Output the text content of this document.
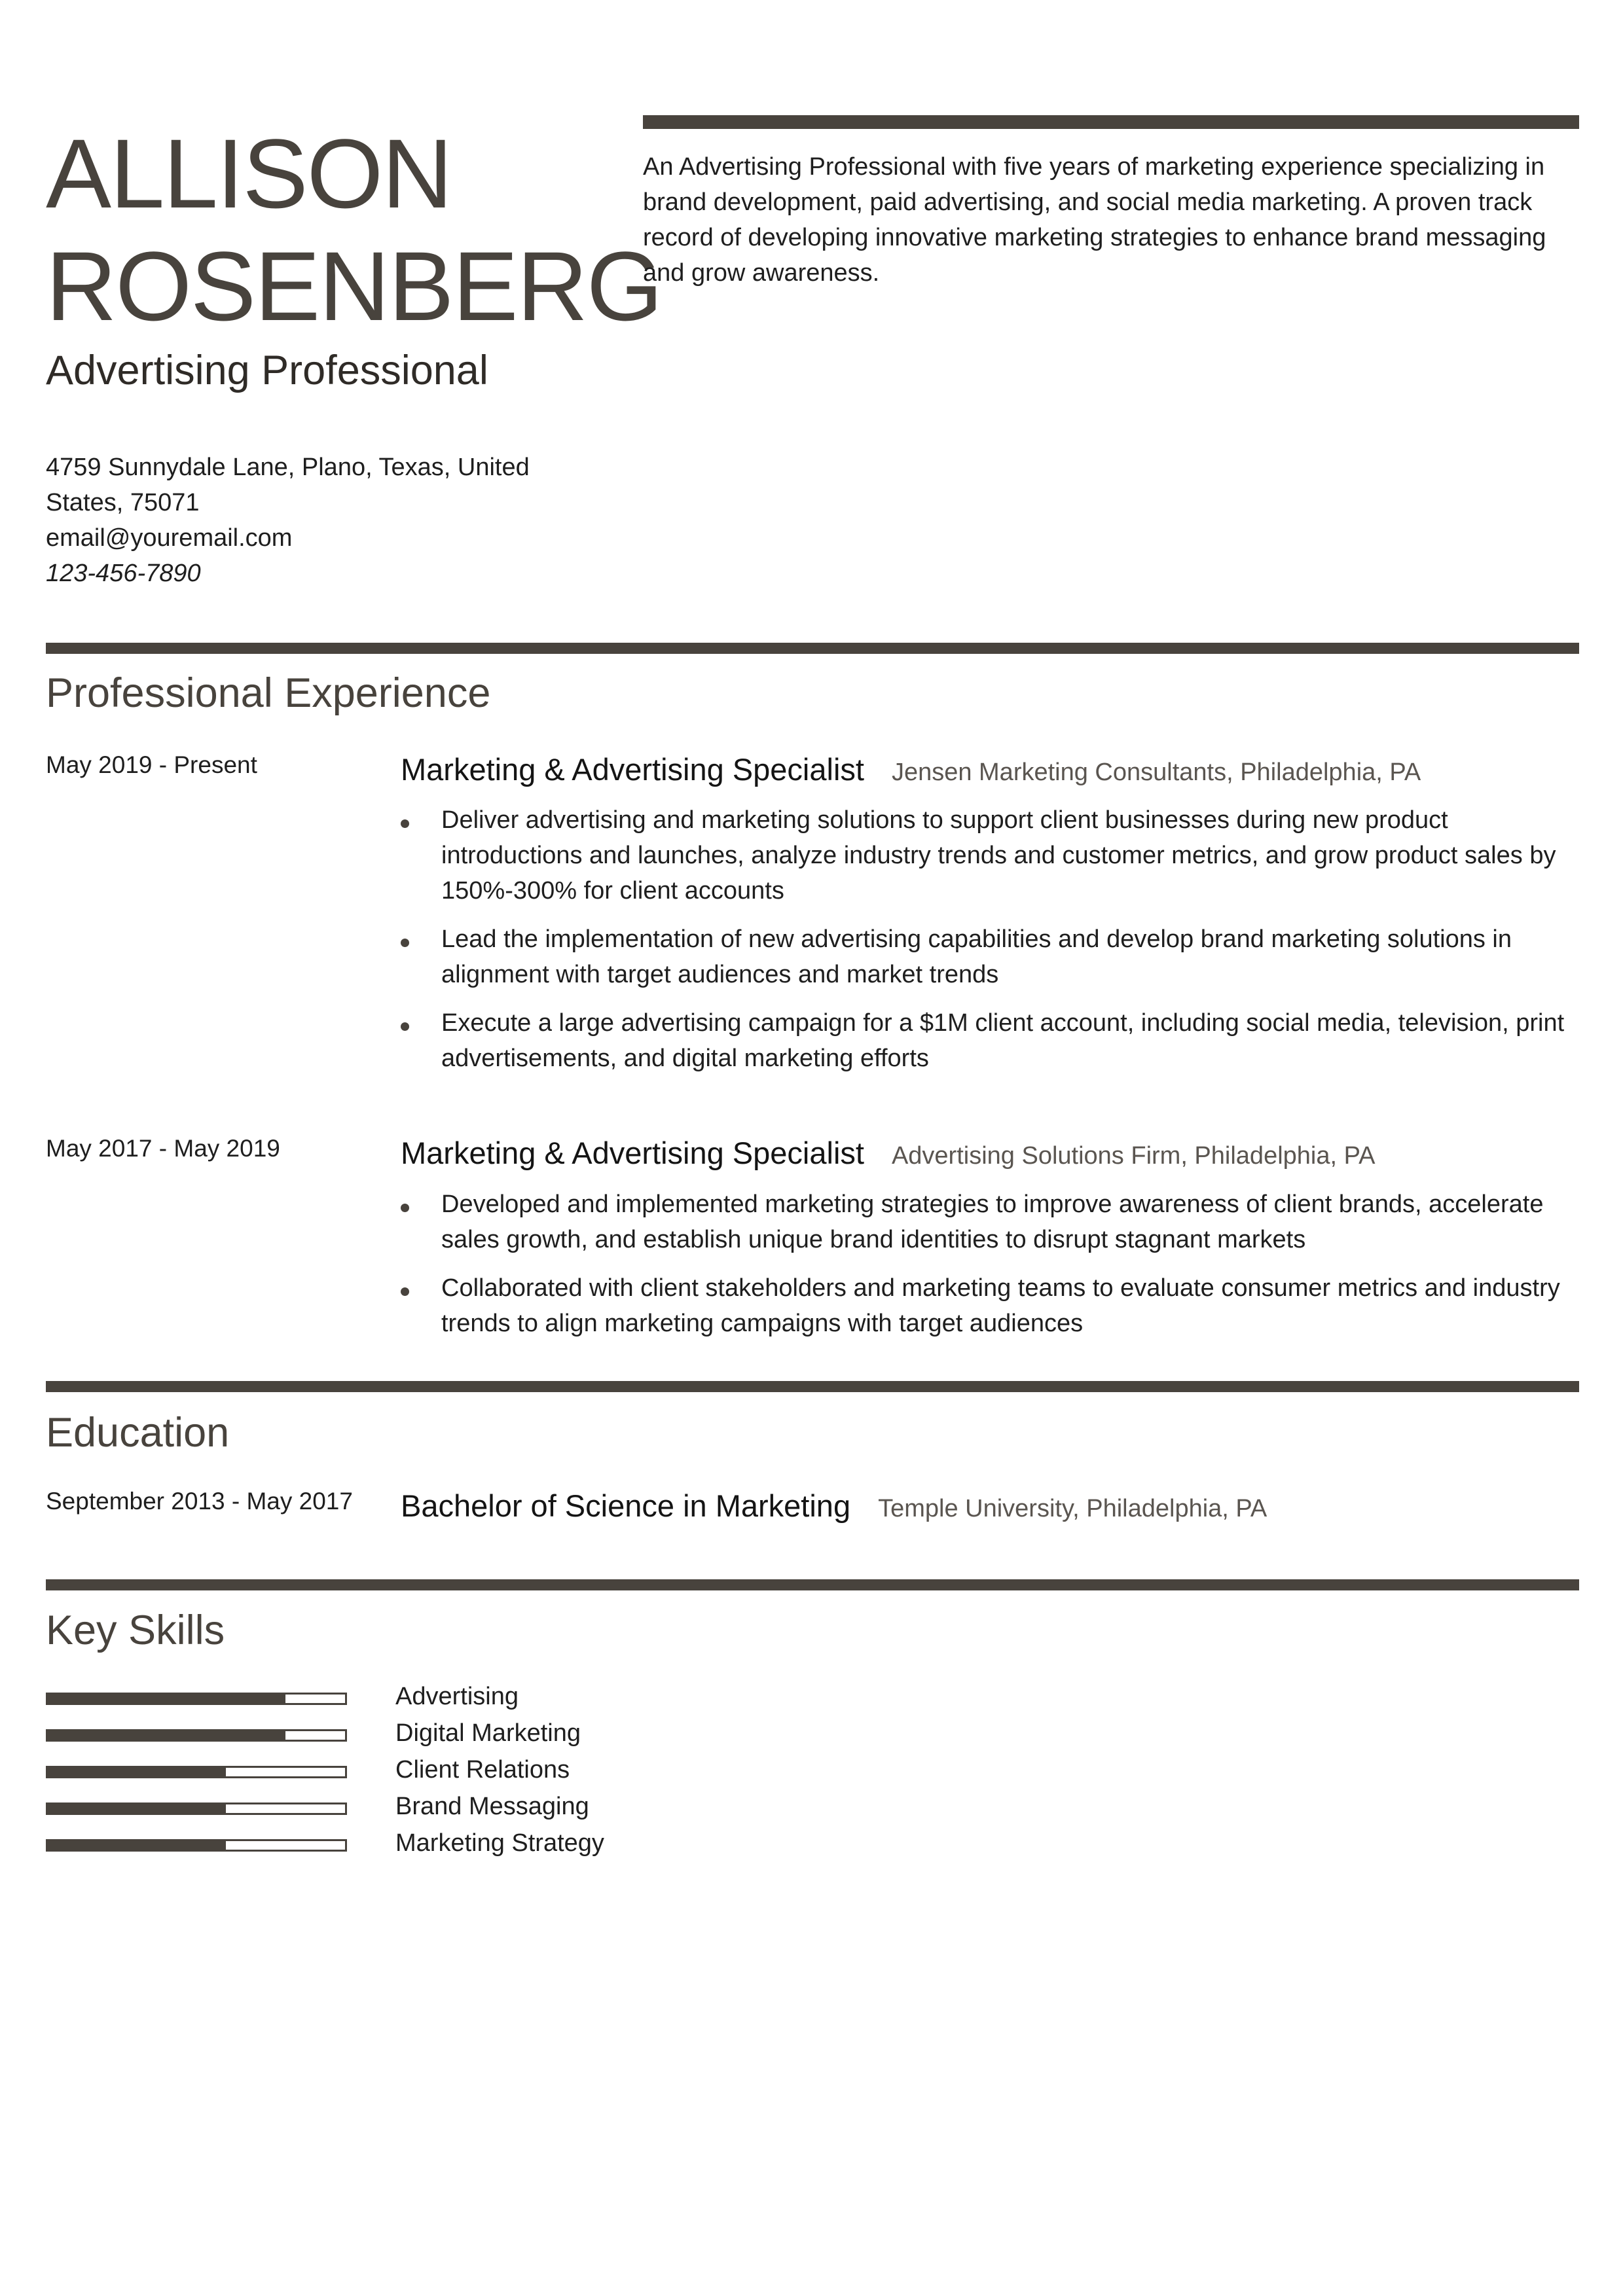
ALLISON
ROSENBERG
Advertising Professional
4759 Sunnydale Lane, Plano, Texas, United
States, 75071
email@youremail.com
123-456-7890
An Advertising Professional with five years of marketing experience specializing in brand development, paid advertising, and social media marketing. A proven track record of developing innovative marketing strategies to enhance brand messaging and grow awareness.
Professional Experience
May 2019 - Present	Marketing & Advertising Specialist Jensen Marketing Consultants, Philadelphia, PA
Deliver advertising and marketing solutions to support client businesses during new product introductions and launches, analyze industry trends and customer metrics, and grow product sales by 150%-300% for client accounts
Lead the implementation of new advertising capabilities and develop brand marketing solutions in alignment with target audiences and market trends
Execute a large advertising campaign for a $1M client account, including social media, television, print advertisements, and digital marketing efforts
May 2017 - May 2019	Marketing & Advertising Specialist Advertising Solutions Firm, Philadelphia, PA
Developed and implemented marketing strategies to improve awareness of client brands, accelerate sales growth, and establish unique brand identities to disrupt stagnant markets
Collaborated with client stakeholders and marketing teams to evaluate consumer metrics and industry trends to align marketing campaigns with target audiences
Education
September 2013 - May 2017 Bachelor of Science in Marketing Temple University, Philadelphia, PA
Key Skills
Advertising
Digital Marketing
Client Relations
Brand Messaging
Marketing Strategy
